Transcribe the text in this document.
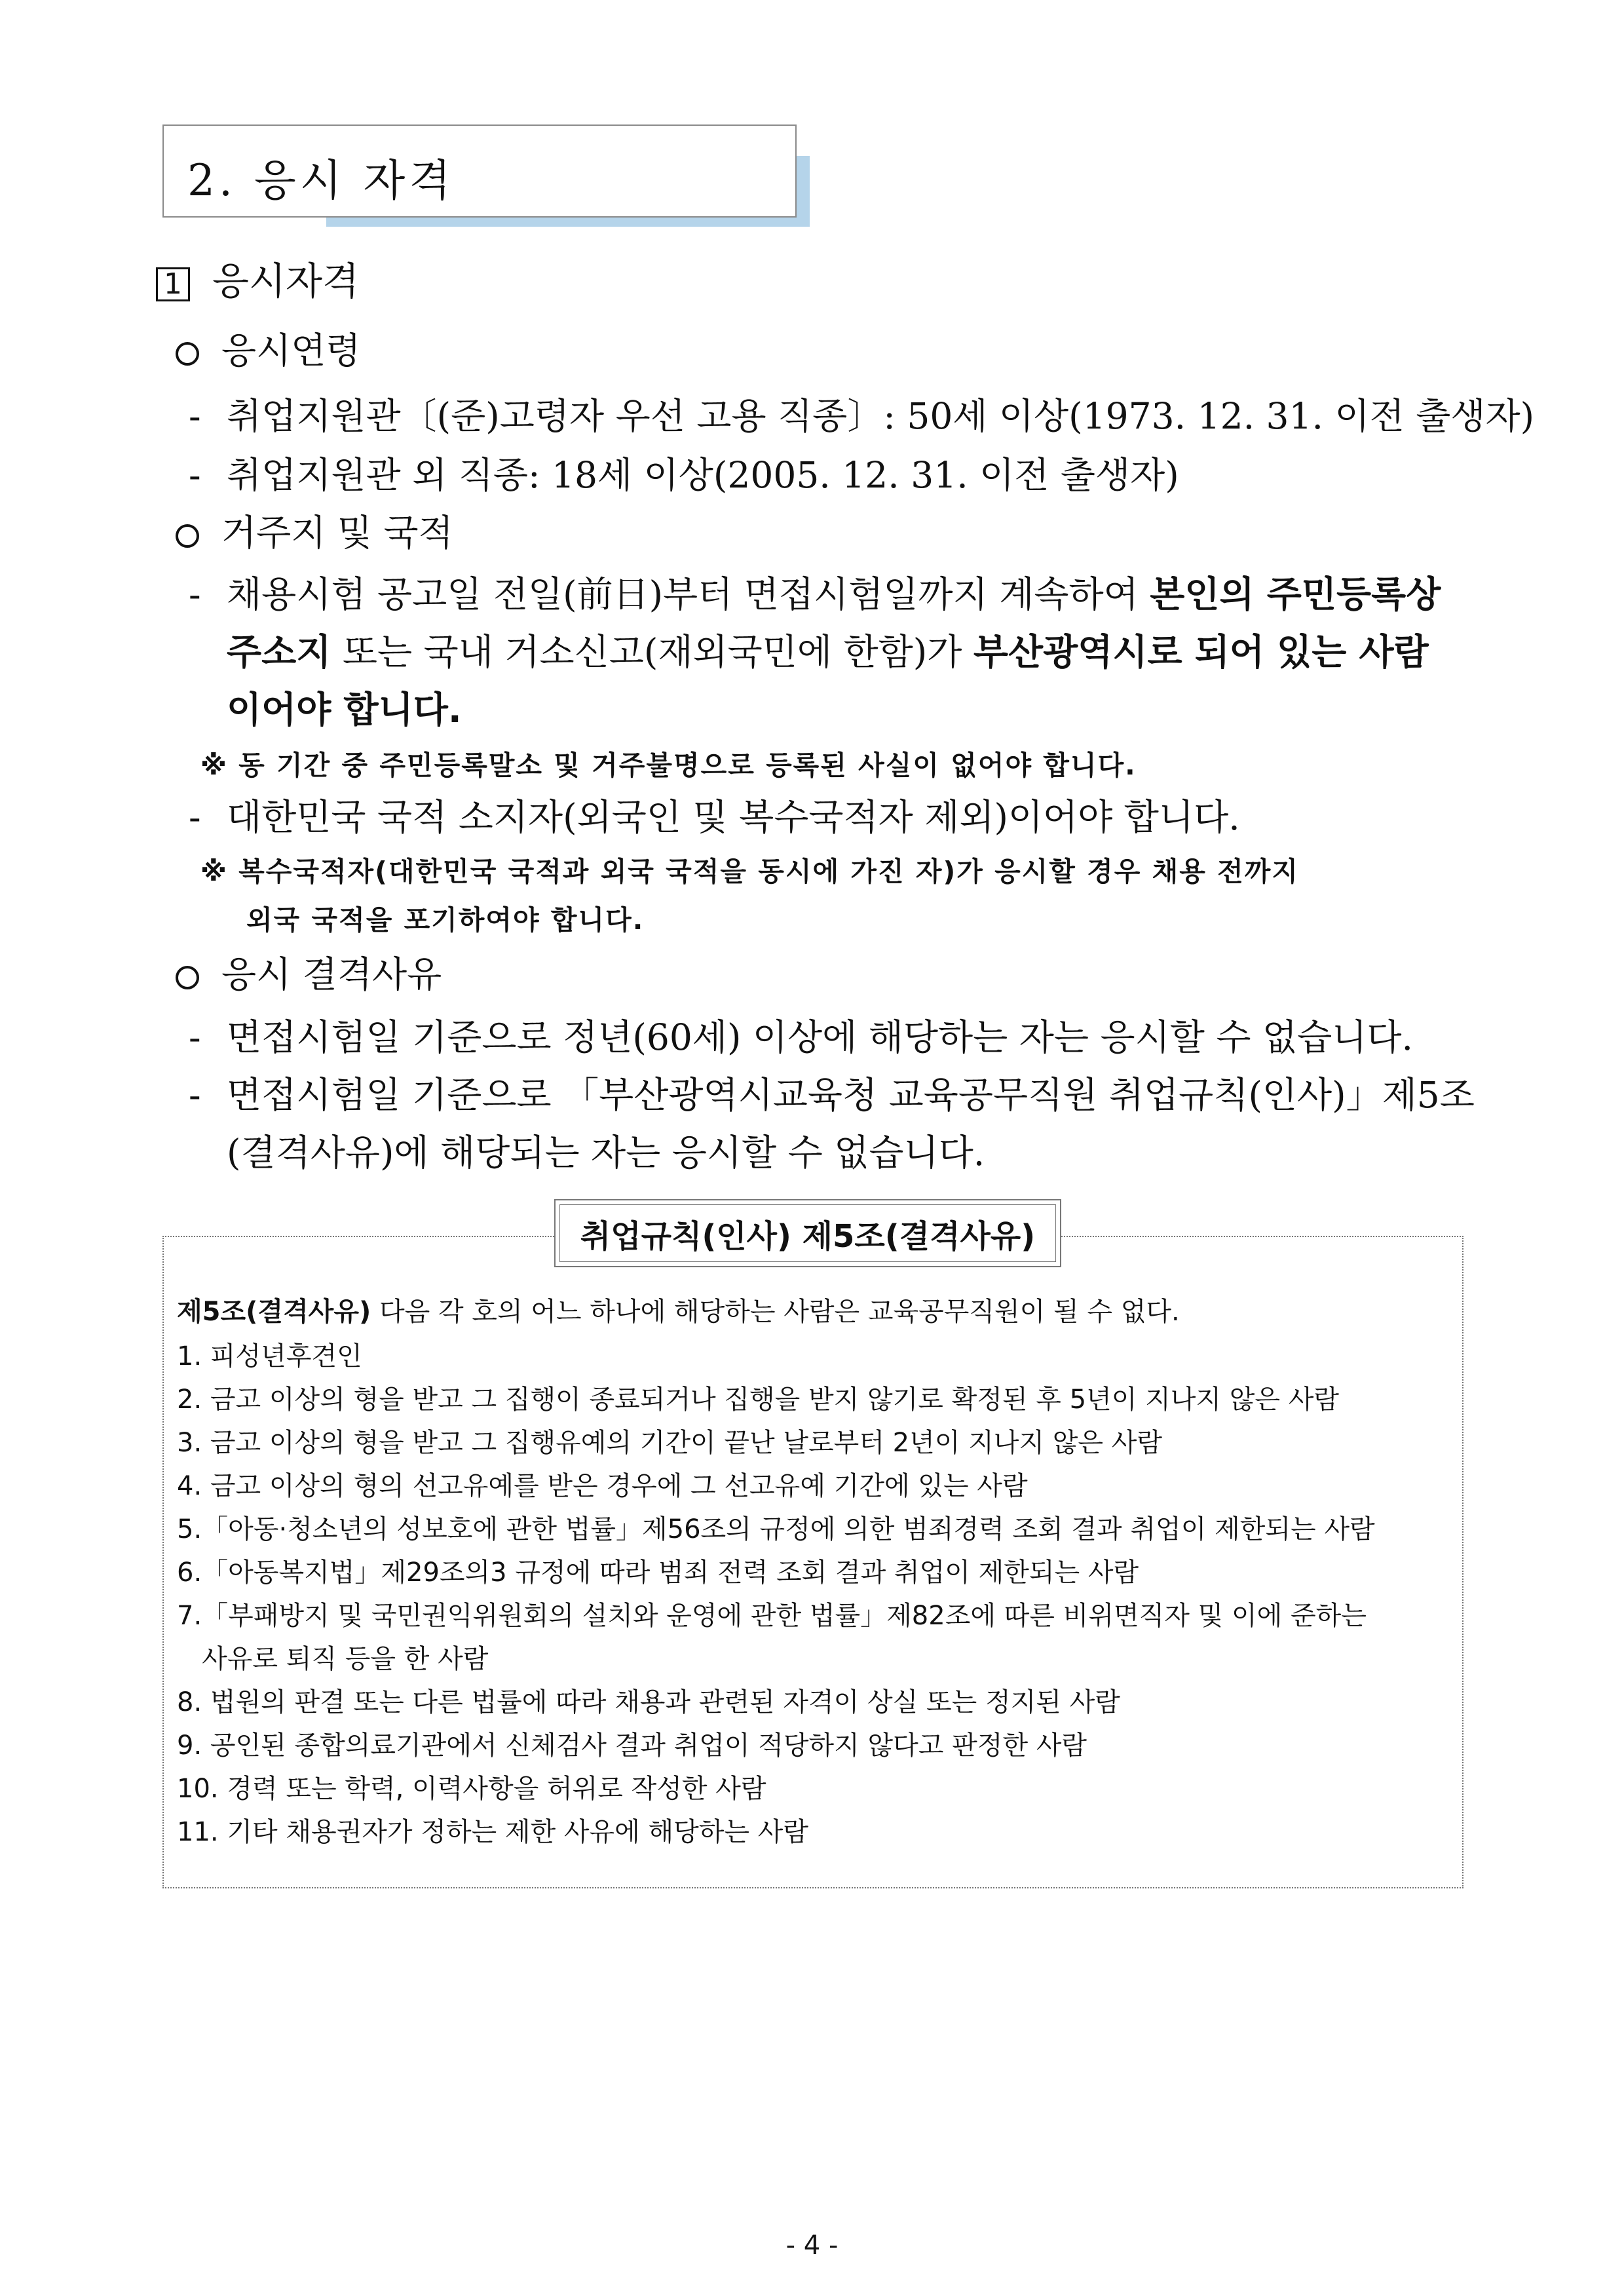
2. 응시 자격
1 응시자격
응시연령
- 취업지원관〔(준)고령자 우선 고용 직종〕: 50세 이상(1973. 12. 31. 이전 출생자)
- 취업지원관 외 직종: 18세 이상(2005. 12. 31. 이전 출생자)
거주지 및 국적
- 채용시험 공고일 전일(前日)부터 면접시험일까지 계속하여 본인의 주민등록상
주소지 또는 국내 거소신고(재외국민에 한함)가 부산광역시로 되어 있는 사람
이어야 합니다.
※ 동 기간 중 주민등록말소 및 거주불명으로 등록된 사실이 없어야 합니다.
- 대한민국 국적 소지자(외국인 및 복수국적자 제외)이어야 합니다.
※ 복수국적자(대한민국 국적과 외국 국적을 동시에 가진 자)가 응시할 경우 채용 전까지
외국 국적을 포기하여야 합니다.
응시 결격사유
- 면접시험일 기준으로 정년(60세) 이상에 해당하는 자는 응시할 수 없습니다.
- 면접시험일 기준으로 「부산광역시교육청 교육공무직원 취업규칙(인사)」제5조
(결격사유)에 해당되는 자는 응시할 수 없습니다.
취업규칙(인사) 제5조(결격사유)
제5조(결격사유) 다음 각 호의 어느 하나에 해당하는 사람은 교육공무직원이 될 수 없다.
1. 피성년후견인
2. 금고 이상의 형을 받고 그 집행이 종료되거나 집행을 받지 않기로 확정된 후 5년이 지나지 않은 사람
3. 금고 이상의 형을 받고 그 집행유예의 기간이 끝난 날로부터 2년이 지나지 않은 사람
4. 금고 이상의 형의 선고유예를 받은 경우에 그 선고유예 기간에 있는 사람
5.「아동·청소년의 성보호에 관한 법률」제56조의 규정에 의한 범죄경력 조회 결과 취업이 제한되는 사람
6.「아동복지법」제29조의3 규정에 따라 범죄 전력 조회 결과 취업이 제한되는 사람
7.「부패방지 및 국민권익위원회의 설치와 운영에 관한 법률」제82조에 따른 비위면직자 및 이에 준하는
사유로 퇴직 등을 한 사람
8. 법원의 판결 또는 다른 법률에 따라 채용과 관련된 자격이 상실 또는 정지된 사람
9. 공인된 종합의료기관에서 신체검사 결과 취업이 적당하지 않다고 판정한 사람
10. 경력 또는 학력, 이력사항을 허위로 작성한 사람
11. 기타 채용권자가 정하는 제한 사유에 해당하는 사람
- 4 -
